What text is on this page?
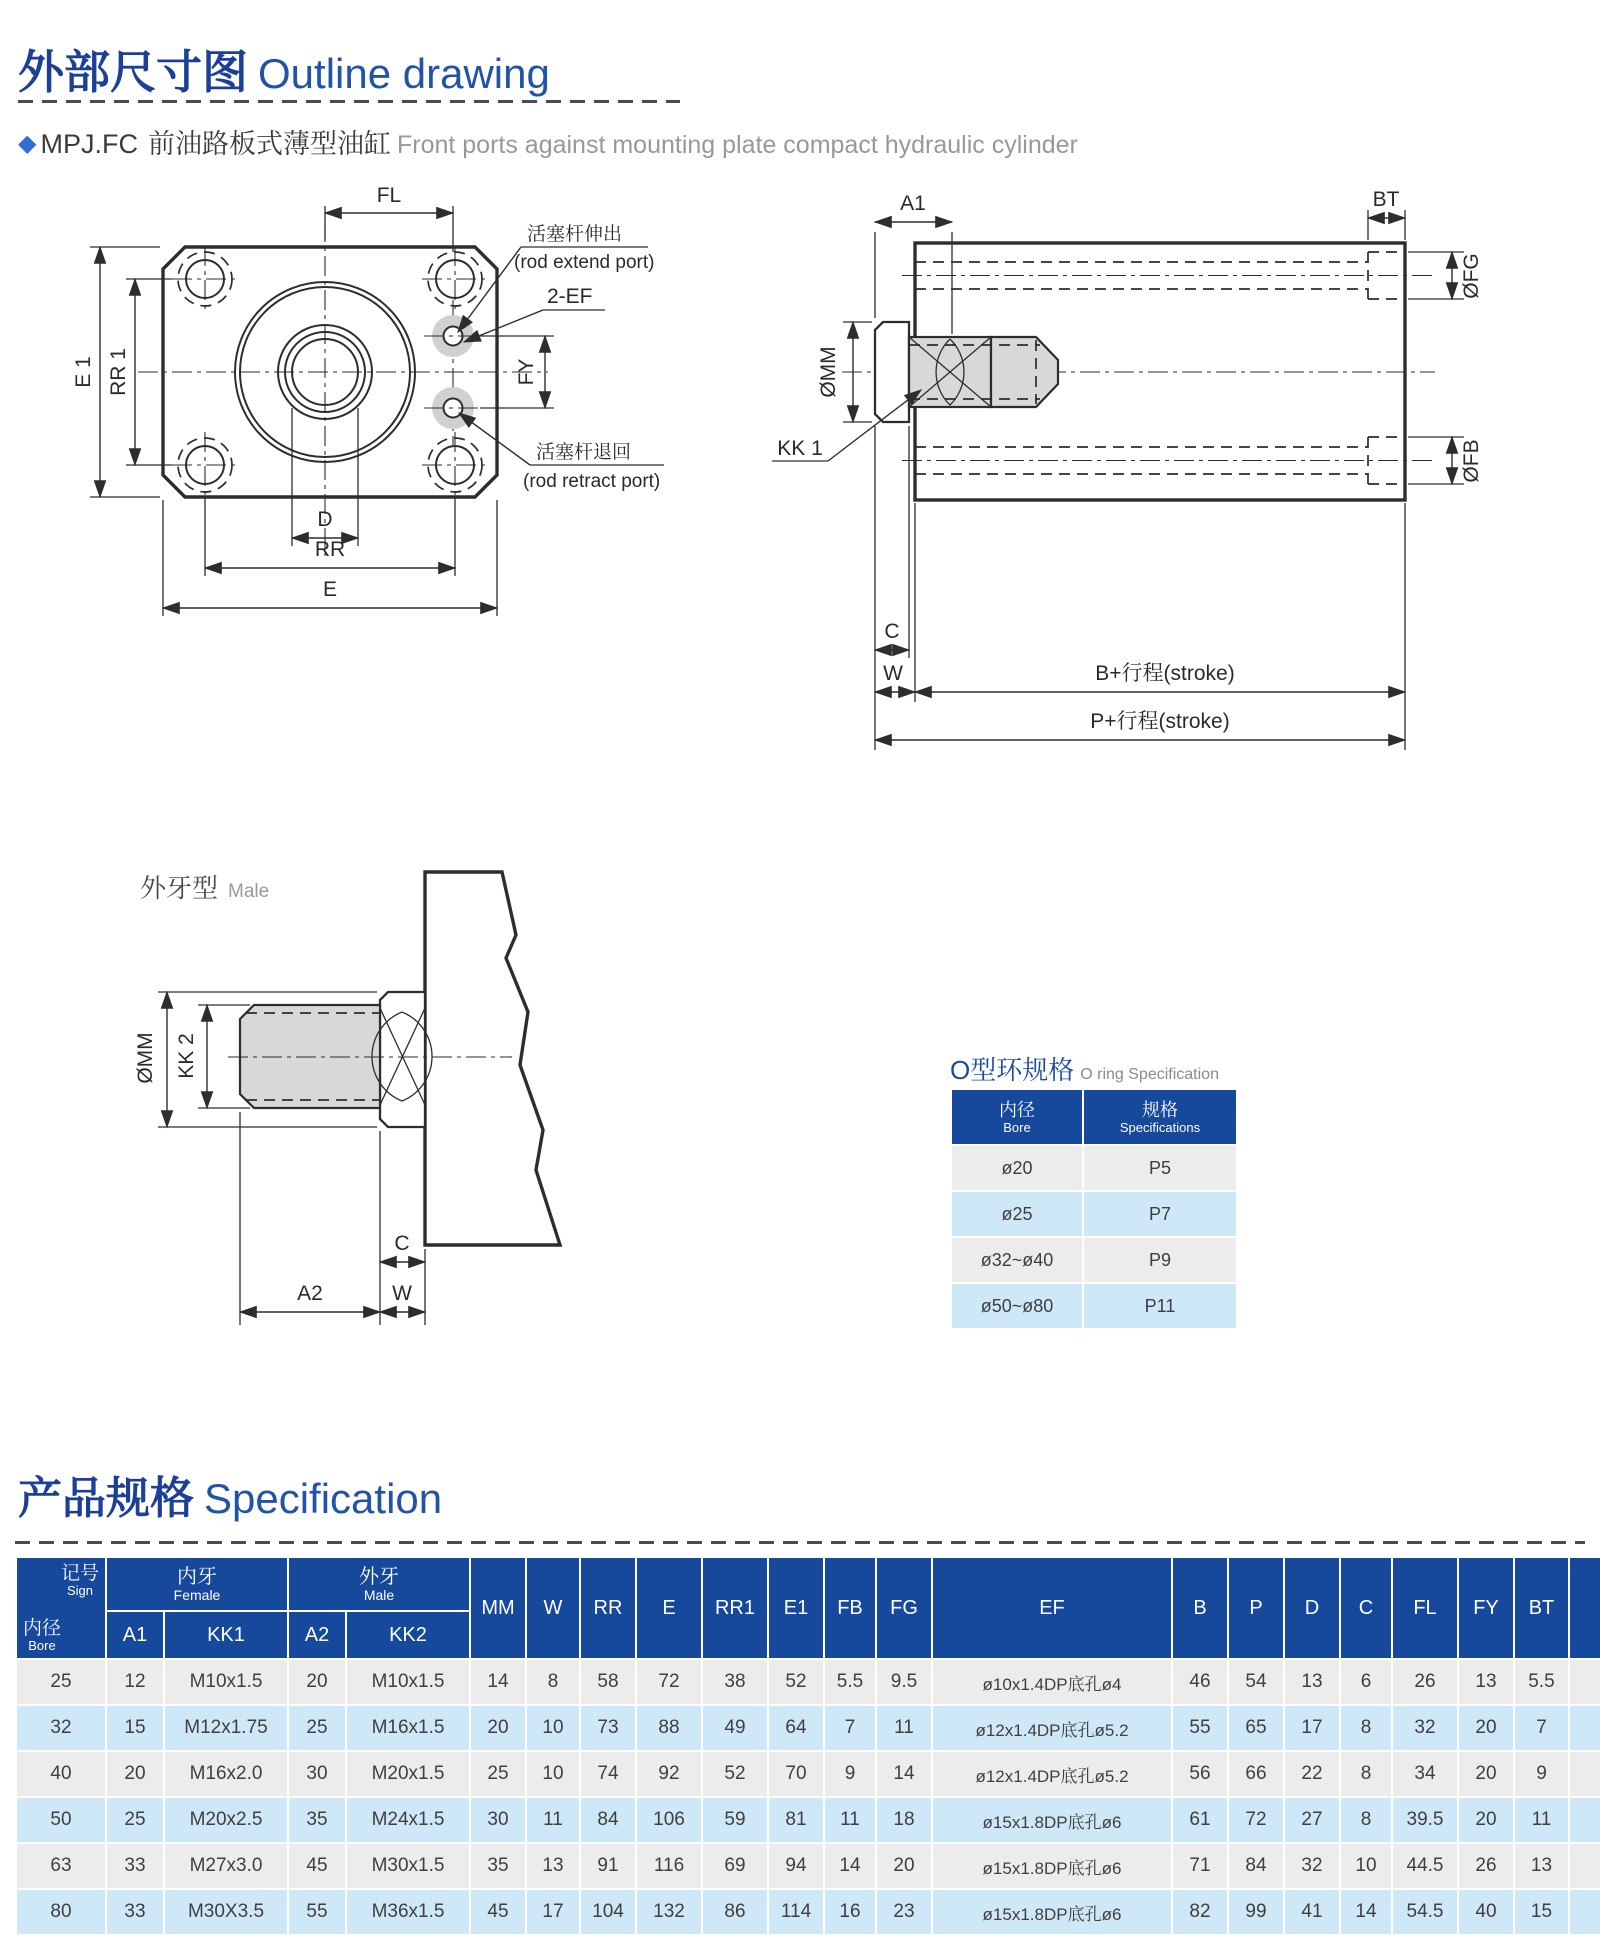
外部尺寸图 Outline drawing
◆ MPJ.FC 前油路板式薄型油缸 Front ports against mounting plate compact hydraulic cylinder
FL
E 1 RR 1	FY
活塞杆伸出
(rod extend port)
2-EF
活塞杆退回
(rod retract port)
D
RR
E
A1	BT
ØFG
ØFB
ØMM
KK 1
C
W	B+行程(stroke)
P+行程(stroke)
外牙型 Male
ØMM KK 2
C
A2	W
O型环规格 O ring Specification
内径
Bore

规格
Specifications

ø20	P5
ø25	P7
ø32~ø40	P9
ø50~ø80	P11
产品规格 Specification
记号
Sign
内径
Bore

内牙
Female

外牙
Male
	MM	W	RR	E	RR1	E1	FB	FG	EF	B	P	D	C	FL	FY	BT	
	A1	KK1	A2	KK2																	
25	12	M10x1.5	20	M10x1.5	14	8	58	72	38	52	5.5	9.5	ø10x1.4DP底孔ø4	46	54	13	6	26	13	5.5	
32	15	M12x1.75	25	M16x1.5	20	10	73	88	49	64	7	11	ø12x1.4DP底孔ø5.2	55	65	17	8	32	20	7	
40	20	M16x2.0	30	M20x1.5	25	10	74	92	52	70	9	14	ø12x1.4DP底孔ø5.2	56	66	22	8	34	20	9	
50	25	M20x2.5	35	M24x1.5	30	11	84	106	59	81	11	18	ø15x1.8DP底孔ø6	61	72	27	8	39.5	20	11	
63	33	M27x3.0	45	M30x1.5	35	13	91	116	69	94	14	20	ø15x1.8DP底孔ø6	71	84	32	10	44.5	26	13	
80	33	M30X3.5	55	M36x1.5	45	17	104	132	86	114	16	23	ø15x1.8DP底孔ø6	82	99	41	14	54.5	40	15	
